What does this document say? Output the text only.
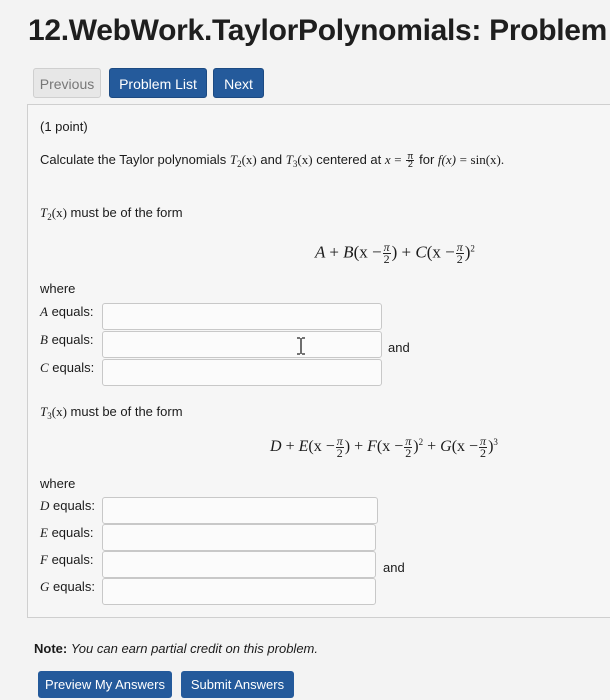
12.WebWork.TaylorPolynomials: Problem
Previous	Problem List	Next
(1 point)
Calculate the Taylor polynomials $T_2(x)$ and $T_3(x)$ centered at $x = \frac{\pi}{2}$ for f(x) = sin(x).
$T_2(x)$ must be of the form
$A + B(x - \frac{\pi}{2}$ ) + $C(x - \frac{\pi}{2} )^2$
where
A equals:
B equals:
C equals:
and
$T_3(x)$ must be of the form
$D + E(x - \frac{\pi}{2}$ ) + $F(x - \frac{\pi}{2} )^2 + G(x - \frac{\pi}{2} )^3$
where
D equals:
E equals:
F equals:
G equals:
and
Note: You can earn partial credit on this problem.
Preview My Answers	Submit Answers
